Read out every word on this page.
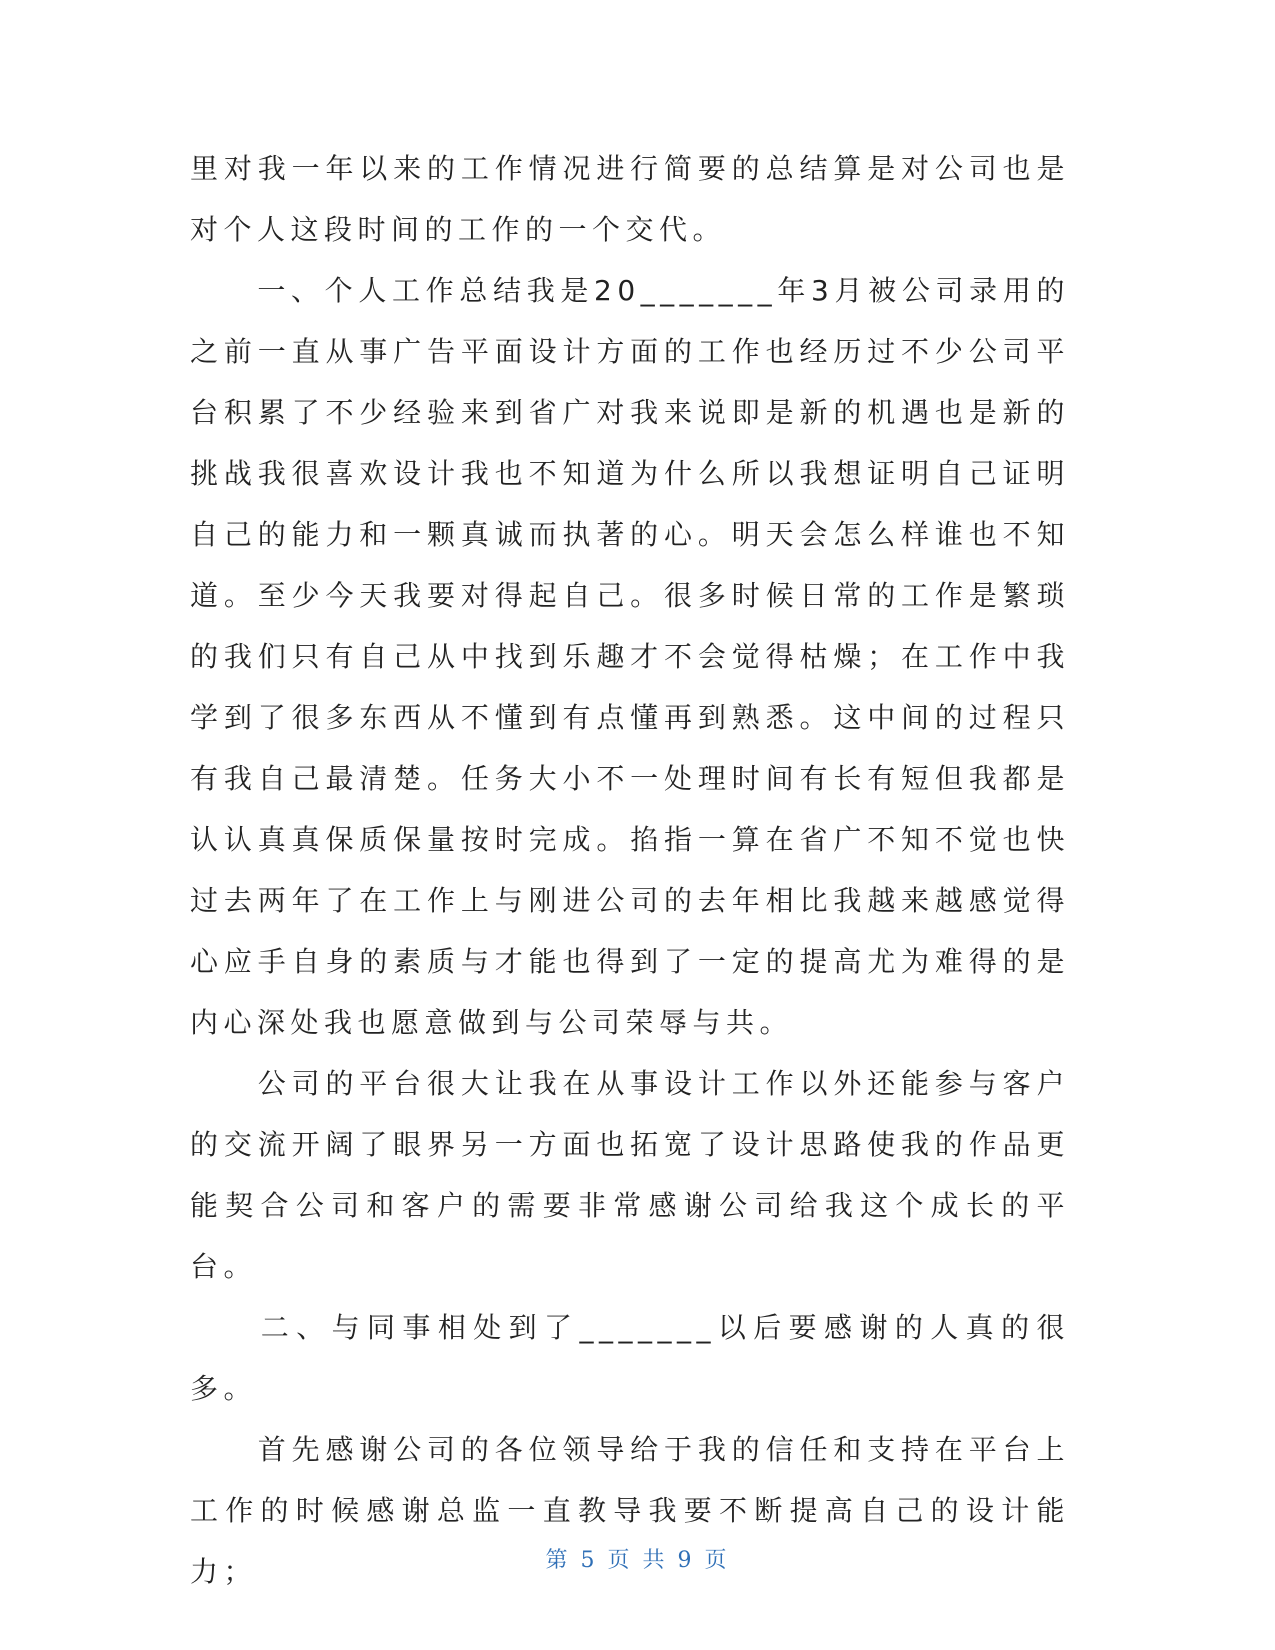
里对我一年以来的工作情况进行简要的总结算是对公司也是对个人这段时间的工作的一个交代。

　　一、个人工作总结我是20_______年3月被公司录用的之前一直从事广告平面设计方面的工作也经历过不少公司平台积累了不少经验来到省广对我来说即是新的机遇也是新的挑战我很喜欢设计我也不知道为什么所以我想证明自己证明自己的能力和一颗真诚而执著的心。明天会怎么样谁也不知道。至少今天我要对得起自己。很多时候日常的工作是繁琐的我们只有自己从中找到乐趣才不会觉得枯燥；在工作中我学到了很多东西从不懂到有点懂再到熟悉。这中间的过程只有我自己最清楚。任务大小不一处理时间有长有短但我都是认认真真保质保量按时完成。掐指一算在省广不知不觉也快过去两年了在工作上与刚进公司的去年相比我越来越感觉得心应手自身的素质与才能也得到了一定的提高尤为难得的是内心深处我也愿意做到与公司荣辱与共。

　　公司的平台很大让我在从事设计工作以外还能参与客户的交流开阔了眼界另一方面也拓宽了设计思路使我的作品更能契合公司和客户的需要非常感谢公司给我这个成长的平台。

　　二、与同事相处到了_______以后要感谢的人真的很多。

　　首先感谢公司的各位领导给于我的信任和支持在平台上工作的时候感谢总监一直教导我要不断提高自己的设计能力；	第 5 页 共 9 页
